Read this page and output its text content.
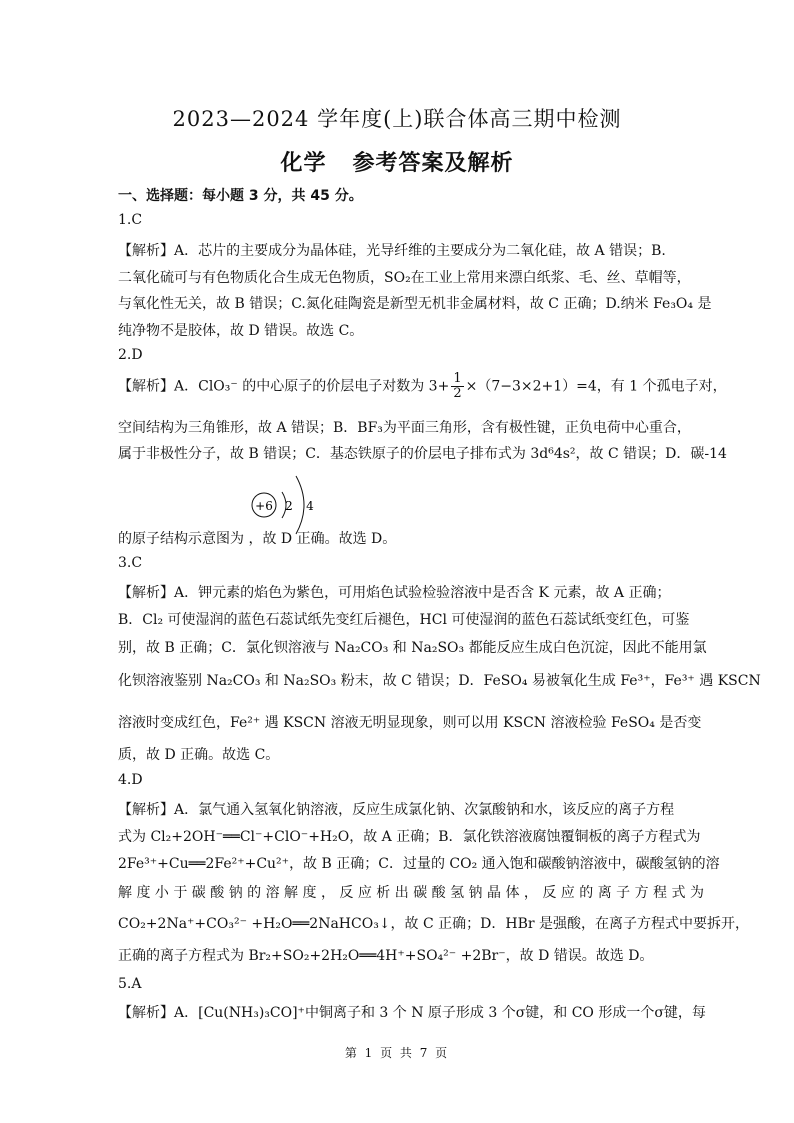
2023—2024 学年度(上)联合体高三期中检测
化学 参考答案及解析
一、选择题：每小题 3 分，共 45 分。
1.C
【解析】A．芯片的主要成分为晶体硅，光导纤维的主要成分为二氧化硅，故 A 错误；B.
二氧化硫可与有色物质化合生成无色物质，SO₂在工业上常用来漂白纸浆、毛、丝、草帽等，
与氧化性无关，故 B 错误；C.氮化硅陶瓷是新型无机非金属材料，故 C 正确；D.纳米 Fe₃O₄ 是
纯净物不是胶体，故 D 错误。故选 C。
2.D
【解析】A．ClO₃⁻ 的中心原子的价层电子对数为 $3+ \frac{1}{2} \times(7-3\times 2+1)=4$，有 1 个孤电子对，
空间结构为三角锥形，故 A 错误；B．BF₃为平面三角形，含有极性键，正负电荷中心重合，
属于非极性分子，故 B 错误；C．基态铁原子的价层电子排布式为 3d⁶4s²，故 C 错误；D．碳-14
+6 2 4
的原子结构示意图为 ，故 D 正确。故选 D。
3.C
【解析】A．钾元素的焰色为紫色，可用焰色试验检验溶液中是否含 K 元素，故 A 正确；
B．Cl₂ 可使湿润的蓝色石蕊试纸先变红后褪色，HCl 可使湿润的蓝色石蕊试纸变红色，可鉴
别，故 B 正确；C．氯化钡溶液与 Na₂CO₃ 和 Na₂SO₃ 都能反应生成白色沉淀，因此不能用氯
化钡溶液鉴别 Na₂CO₃ 和 Na₂SO₃ 粉末，故 C 错误；D．FeSO₄ 易被氧化生成 Fe³⁺，Fe³⁺ 遇 KSCN
溶液时变成红色，Fe²⁺ 遇 KSCN 溶液无明显现象，则可以用 KSCN 溶液检验 FeSO₄ 是否变
质，故 D 正确。故选 C。
4.D
【解析】A．氯气通入氢氧化钠溶液，反应生成氯化钠、次氯酸钠和水，该反应的离子方程
式为 Cl₂+2OH⁻══Cl⁻+ClO⁻+H₂O，故 A 正确；B．氯化铁溶液腐蚀覆铜板的离子方程式为
2Fe³⁺+Cu══2Fe²⁺+Cu²⁺，故 B 正确；C．过量的 CO₂ 通入饱和碳酸钠溶液中，碳酸氢钠的溶
解 度 小 于 碳 酸 钠 的 溶 解 度 ， 反 应 析 出 碳 酸 氢 钠 晶 体 ， 反 应 的 离 子 方 程 式 为
CO₂+2Na⁺+CO₃²⁻ +H₂O══2NaHCO₃↓，故 C 正确；D．HBr 是强酸，在离子方程式中要拆开，
正确的离子方程式为 Br₂+SO₂+2H₂O══4H⁺+SO₄²⁻ +2Br⁻，故 D 错误。故选 D。
5.A
【解析】A．[Cu(NH₃)₃CO]⁺中铜离子和 3 个 N 原子形成 3 个σ键，和 CO 形成一个σ键，每
第 1 页 共 7 页
